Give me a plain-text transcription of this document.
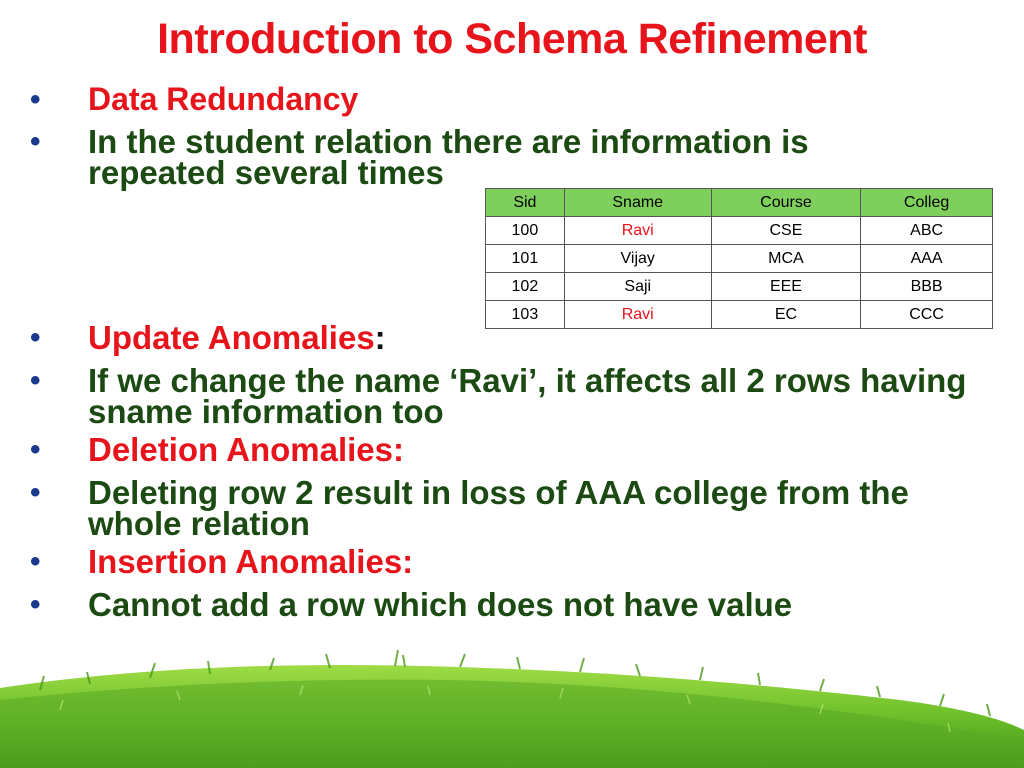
Introduction to Schema Refinement
• Data Redundancy
• In the student relation there are information is repeated several times
Sid	Sname	Course	Colleg
100	Ravi	CSE	ABC
101	Vijay	MCA	AAA
102	Saji	EEE	BBB
103	Ravi	EC	CCC
• Update Anomalies:
• If we change the name ‘Ravi’, it affects all 2 rows having sname information too
• Deletion Anomalies:
• Deleting row 2 result in loss of AAA college from the whole relation
• Insertion Anomalies:
• Cannot add a row which does not have value
